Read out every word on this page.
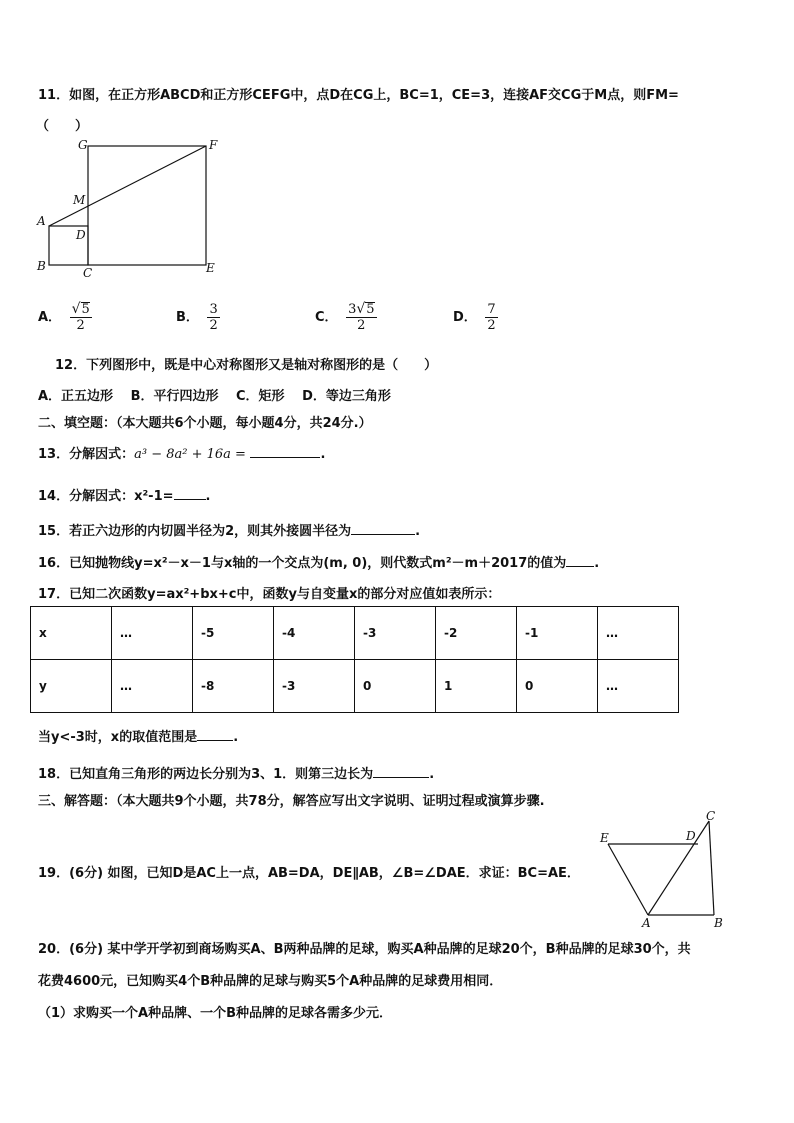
11．如图，在正方形ABCD和正方形CEFG中，点D在CG上，BC=1，CE=3，连接AF交CG于M点，则FM=
（　　）
G	F
M
A
D
B	C	E
A． $\frac{√ 5}{2}$	B． $\frac{3}{2}$	C． $\frac{3 √ 5}{2}$	D． $\frac{7}{2}$
12．下列图形中，既是中心对称图形又是轴对称图形的是（　　）
A．正五边形　 B．平行四边形　 C．矩形　 D．等边三角形
二、填空题：（本大题共6个小题，每小题4分，共24分.）
13．分解因式：a³ − 8a² + 16a =	.
14．分解因式：x²-1= .
15．若正六边形的内切圆半径为2，则其外接圆半径为	.
16．已知抛物线y=x²－x－1与x轴的一个交点为(m, 0)，则代数式m²－m＋2017的值为 .
17．已知二次函数y=ax²+bx+c中，函数y与自变量x的部分对应值如表所示：
x	…	-5	-4	-3	-2	-1	…
y	…	-8	-3	0	1	0	…
当y<-3时，x的取值范围是	.
18．已知直角三角形的两边长分别为3、1．则第三边长为	.
三、解答题：（本大题共9个小题，共78分，解答应写出文字说明、证明过程或演算步骤.
19．(6分) 如图，已知D是AC上一点，AB=DA，DE∥AB，∠B=∠DAE．求证：BC=AE．
E	D
C
A	B
20．(6分) 某中学开学初到商场购买A、B两种品牌的足球，购买A种品牌的足球20个，B种品牌的足球30个，共
花费4600元，已知购买4个B种品牌的足球与购买5个A种品牌的足球费用相同．
（1）求购买一个A种品牌、一个B种品牌的足球各需多少元．
